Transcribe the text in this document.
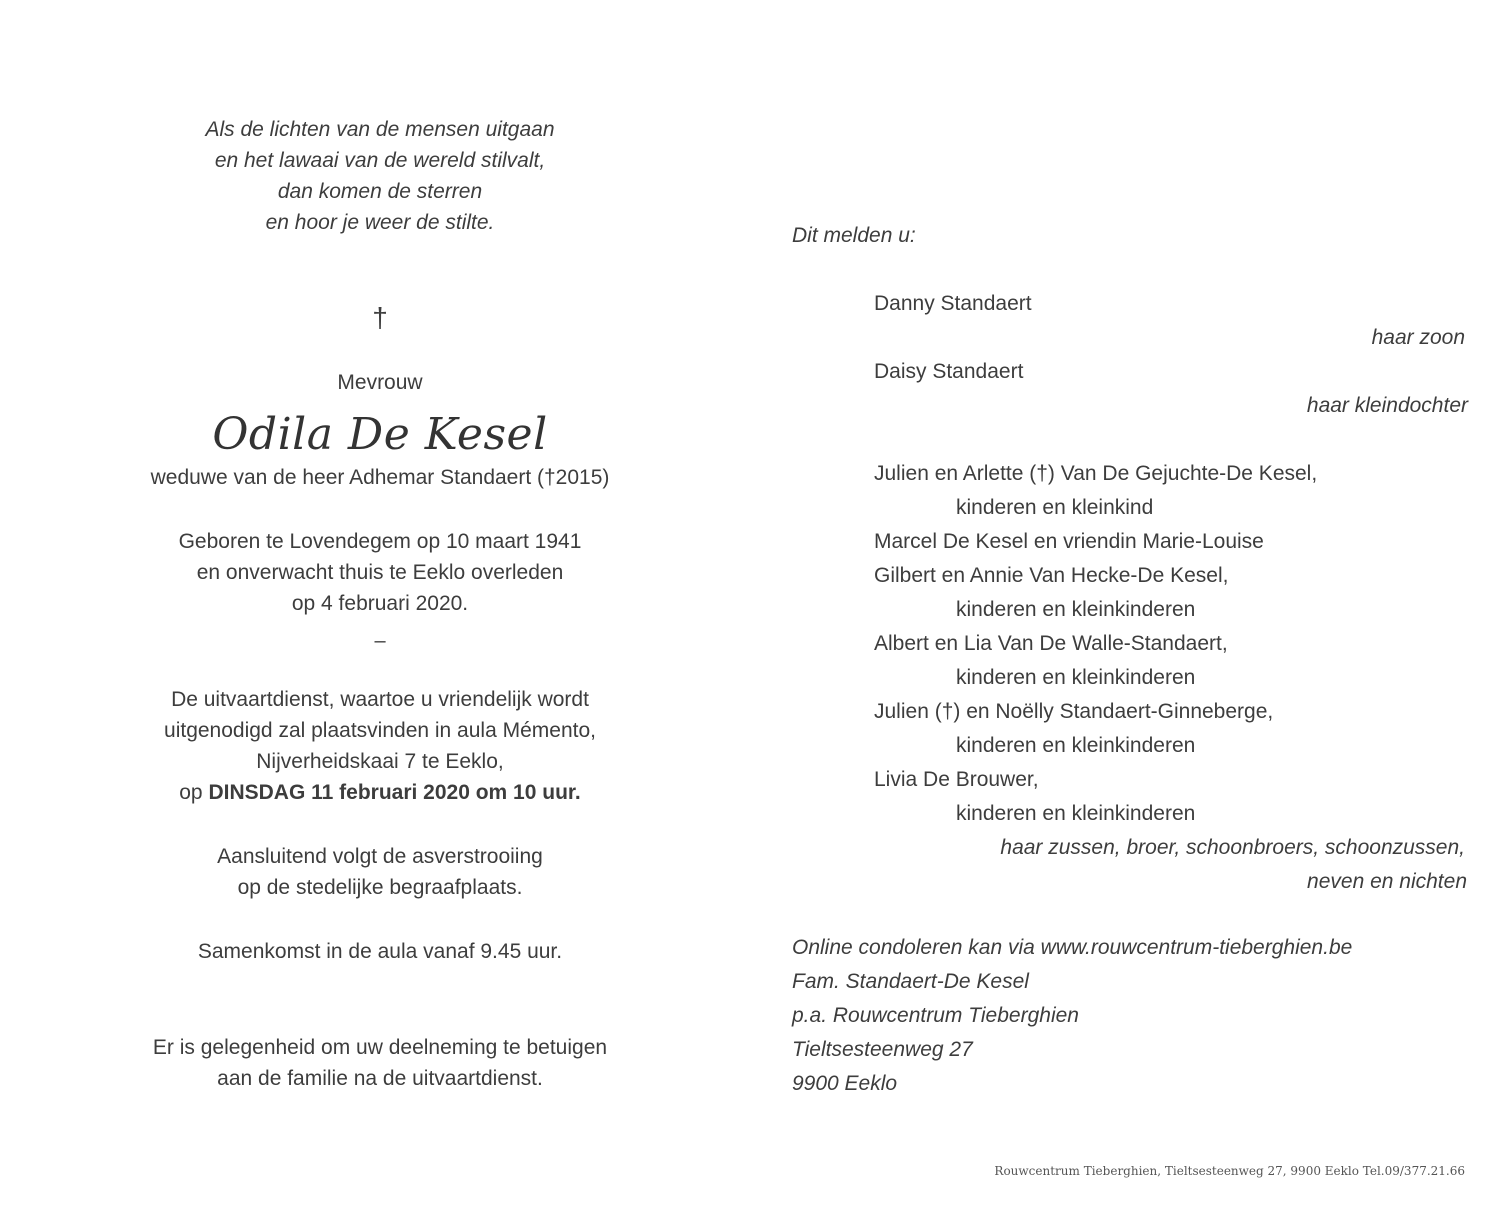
Als de lichten van de mensen uitgaan
en het lawaai van de wereld stilvalt,
dan komen de sterren
en hoor je weer de stilte.
†
Mevrouw
Odila De Kesel
weduwe van de heer Adhemar Standaert (†2015)
Geboren te Lovendegem op 10 maart 1941
en onverwacht thuis te Eeklo overleden
op 4 februari 2020.
–
De uitvaartdienst, waartoe u vriendelijk wordt
uitgenodigd zal plaatsvinden in aula Mémento,
Nijverheidskaai 7 te Eeklo,
op DINSDAG 11 februari 2020 om 10 uur.
Aansluitend volgt de asverstrooiing
op de stedelijke begraafplaats.
Samenkomst in de aula vanaf 9.45 uur.
Er is gelegenheid om uw deelneming te betuigen
aan de familie na de uitvaartdienst.
Dit melden u:
Danny Standaert
haar zoon
Daisy Standaert
haar kleindochter
Julien en Arlette (†) Van De Gejuchte-De Kesel,
kinderen en kleinkind
Marcel De Kesel en vriendin Marie-Louise
Gilbert en Annie Van Hecke-De Kesel,
kinderen en kleinkinderen
Albert en Lia Van De Walle-Standaert,
kinderen en kleinkinderen
Julien (†) en Noëlly Standaert-Ginneberge,
kinderen en kleinkinderen
Livia De Brouwer,
kinderen en kleinkinderen
haar zussen, broer, schoonbroers, schoonzussen,
neven en nichten
Online condoleren kan via www.rouwcentrum-tieberghien.be
Fam. Standaert-De Kesel
p.a. Rouwcentrum Tieberghien
Tieltsesteenweg 27
9900 Eeklo
Rouwcentrum Tieberghien, Tieltsesteenweg 27, 9900 Eeklo Tel.09/377.21.66
